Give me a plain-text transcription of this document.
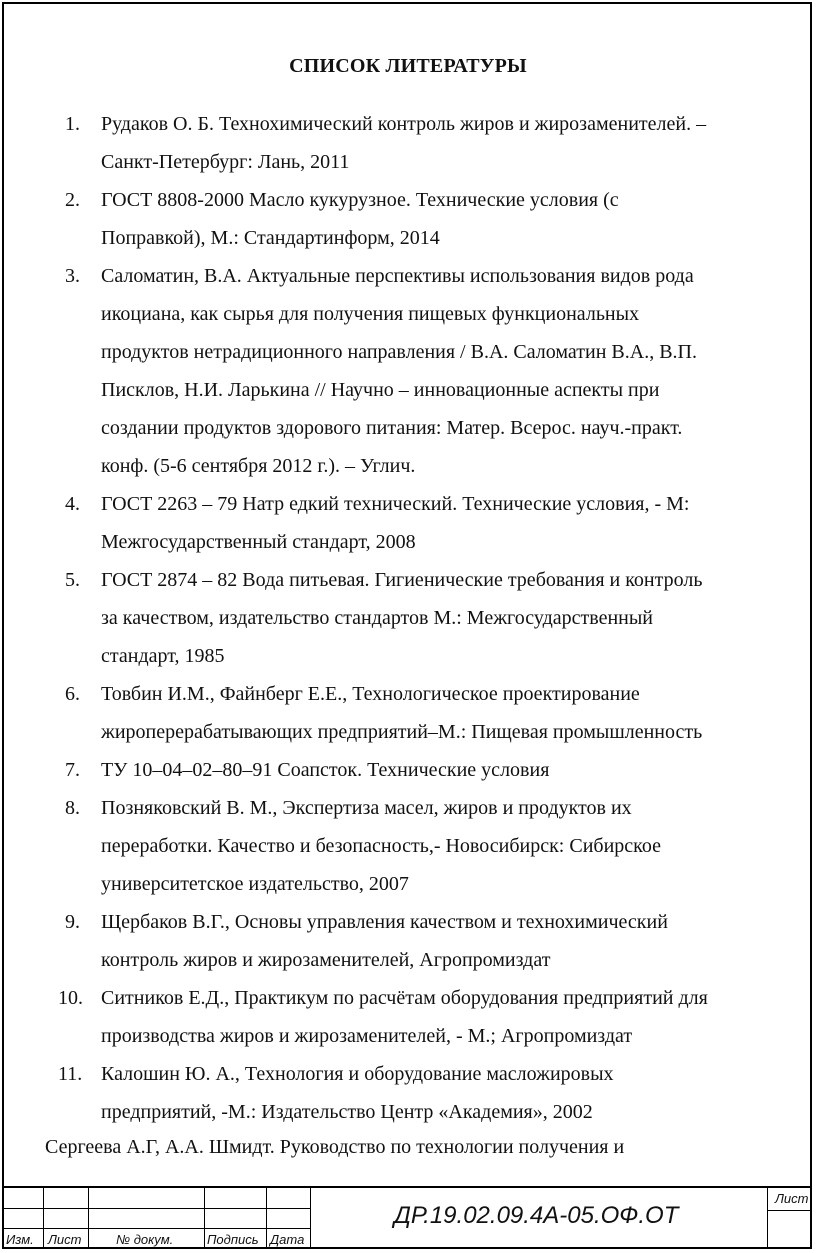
СПИСОК ЛИТЕРАТУРЫ
1. Рудаков О. Б. Технохимический контроль жиров и жирозаменителей. –
Санкт-Петербург: Лань, 2011
2. ГОСТ 8808-2000 Масло кукурузное. Технические условия (с
Поправкой), М.: Стандартинформ, 2014
3. Саломатин, В.А. Актуальные перспективы использования видов рода
икоциана, как сырья для получения пищевых функциональных
продуктов нетрадиционного направления / В.А. Саломатин В.А., В.П.
Писклов, Н.И. Ларькина // Научно – инновационные аспекты при
создании продуктов здорового питания: Матер. Всерос. науч.-практ.
конф. (5-6 сентября 2012 г.). – Углич.
4. ГОСТ 2263 – 79 Натр едкий технический. Технические условия, - М:
Межгосударственный стандарт, 2008
5. ГОСТ 2874 – 82 Вода питьевая. Гигиенические требования и контроль
за качеством, издательство стандартов М.: Межгосударственный
стандарт, 1985
6. Товбин И.М., Файнберг Е.Е., Технологическое проектирование
жироперерабатывающих предприятий–М.: Пищевая промышленность
7. ТУ 10‒04‒02‒80‒91 Соапсток. Технические условия
8. Позняковский В. М., Экспертиза масел, жиров и продуктов их
переработки. Качество и безопасность,- Новосибирск: Сибирское
университетское издательство, 2007
9. Щербаков В.Г., Основы управления качеством и технохимический
контроль жиров и жирозаменителей, Агропромиздат
10. Ситников Е.Д., Практикум по расчётам оборудования предприятий для
производства жиров и жирозаменителей, - М.; Агропромиздат
11. Калошин Ю. А., Технология и оборудование масложировых
предприятий, -М.: Издательство Центр «Академия», 2002
Сергеева А.Г, А.А. Шмидт. Руководство по технологии получения и
Изм. Лист	№ докум.	Подпись Дата
Лист
ДР.19.02.09.4А-05.ОФ.ОТ
